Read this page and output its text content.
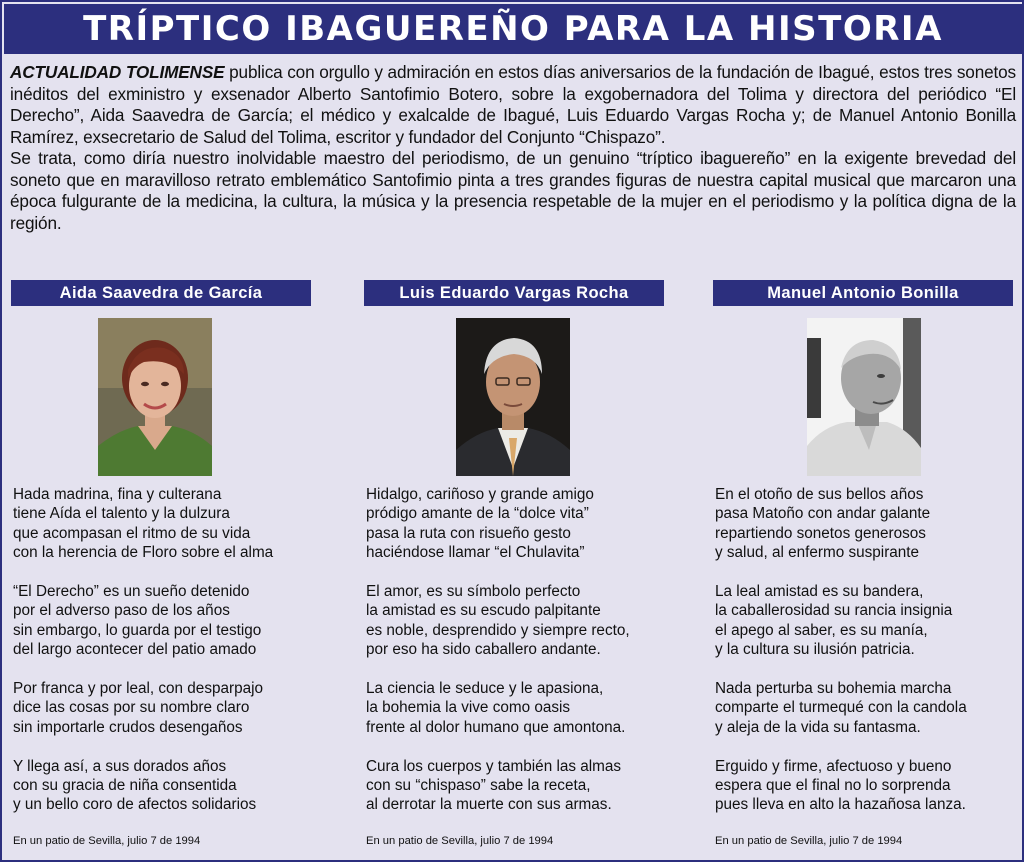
TRÍPTICO IBAGUEREÑO PARA LA HISTORIA

ACTUALIDAD TOLIMENSE publica con orgullo y admiración en estos días aniversarios de la fundación de Ibagué, estos tres sonetos inéditos del exministro y exsenador Alberto Santofimio Botero, sobre la exgobernadora del Tolima y directora del periódico “El Derecho”, Aida Saavedra de García; el médico y exalcalde de Ibagué, Luis Eduardo Vargas Rocha y; de Manuel Antonio Bonilla Ramírez, exsecretario de Salud del Tolima, escritor y fundador del Conjunto “Chispazo”.

Se trata, como diría nuestro inolvidable maestro del periodismo, de un genuino “tríptico ibaguereño” en la exigente brevedad del soneto que en maravilloso retrato emblemático Santofimio pinta a tres grandes figuras de nuestra capital musical que marcaron una época fulgurante de la medicina, la cultura, la música y la presencia respetable de la mujer en el periodismo y la política digna de la región.

Aida Saavedra de García
Hada madrina, fina y culterana
tiene Aída el talento y la dulzura
que acompasan el ritmo de su vida
con la herencia de Floro sobre el alma
“El Derecho” es un sueño detenido
por el adverso paso de los años
sin embargo, lo guarda por el testigo
del largo acontecer del patio amado
Por franca y por leal, con desparpajo
dice las cosas por su nombre claro
sin importarle crudos desengaños
Y llega así, a sus dorados años
con su gracia de niña consentida
y un bello coro de afectos solidarios
En un patio de Sevilla, julio 7 de 1994
Luis Eduardo Vargas Rocha
Hidalgo, cariñoso y grande amigo
pródigo amante de la “dolce vita”
pasa la ruta con risueño gesto
haciéndose llamar “el Chulavita”
El amor, es su símbolo perfecto
la amistad es su escudo palpitante
es noble, desprendido y siempre recto,
por eso ha sido caballero andante.
La ciencia le seduce y le apasiona,
la bohemia la vive como oasis
frente al dolor humano que amontona.
Cura los cuerpos y también las almas
con su “chispaso” sabe la receta,
al derrotar la muerte con sus armas.
En un patio de Sevilla, julio 7 de 1994
Manuel Antonio Bonilla
En el otoño de sus bellos años
pasa Matoño con andar galante
repartiendo sonetos generosos
y salud, al enfermo suspirante
La leal amistad es su bandera,
la caballerosidad su rancia insignia
el apego al saber, es su manía,
y la cultura su ilusión patricia.
Nada perturba su bohemia marcha
comparte el turmequé con la candola
y aleja de la vida su fantasma.
Erguido y firme, afectuoso y bueno
espera que el final no lo sorprenda
pues lleva en alto la hazañosa lanza.
En un patio de Sevilla, julio 7 de 1994
